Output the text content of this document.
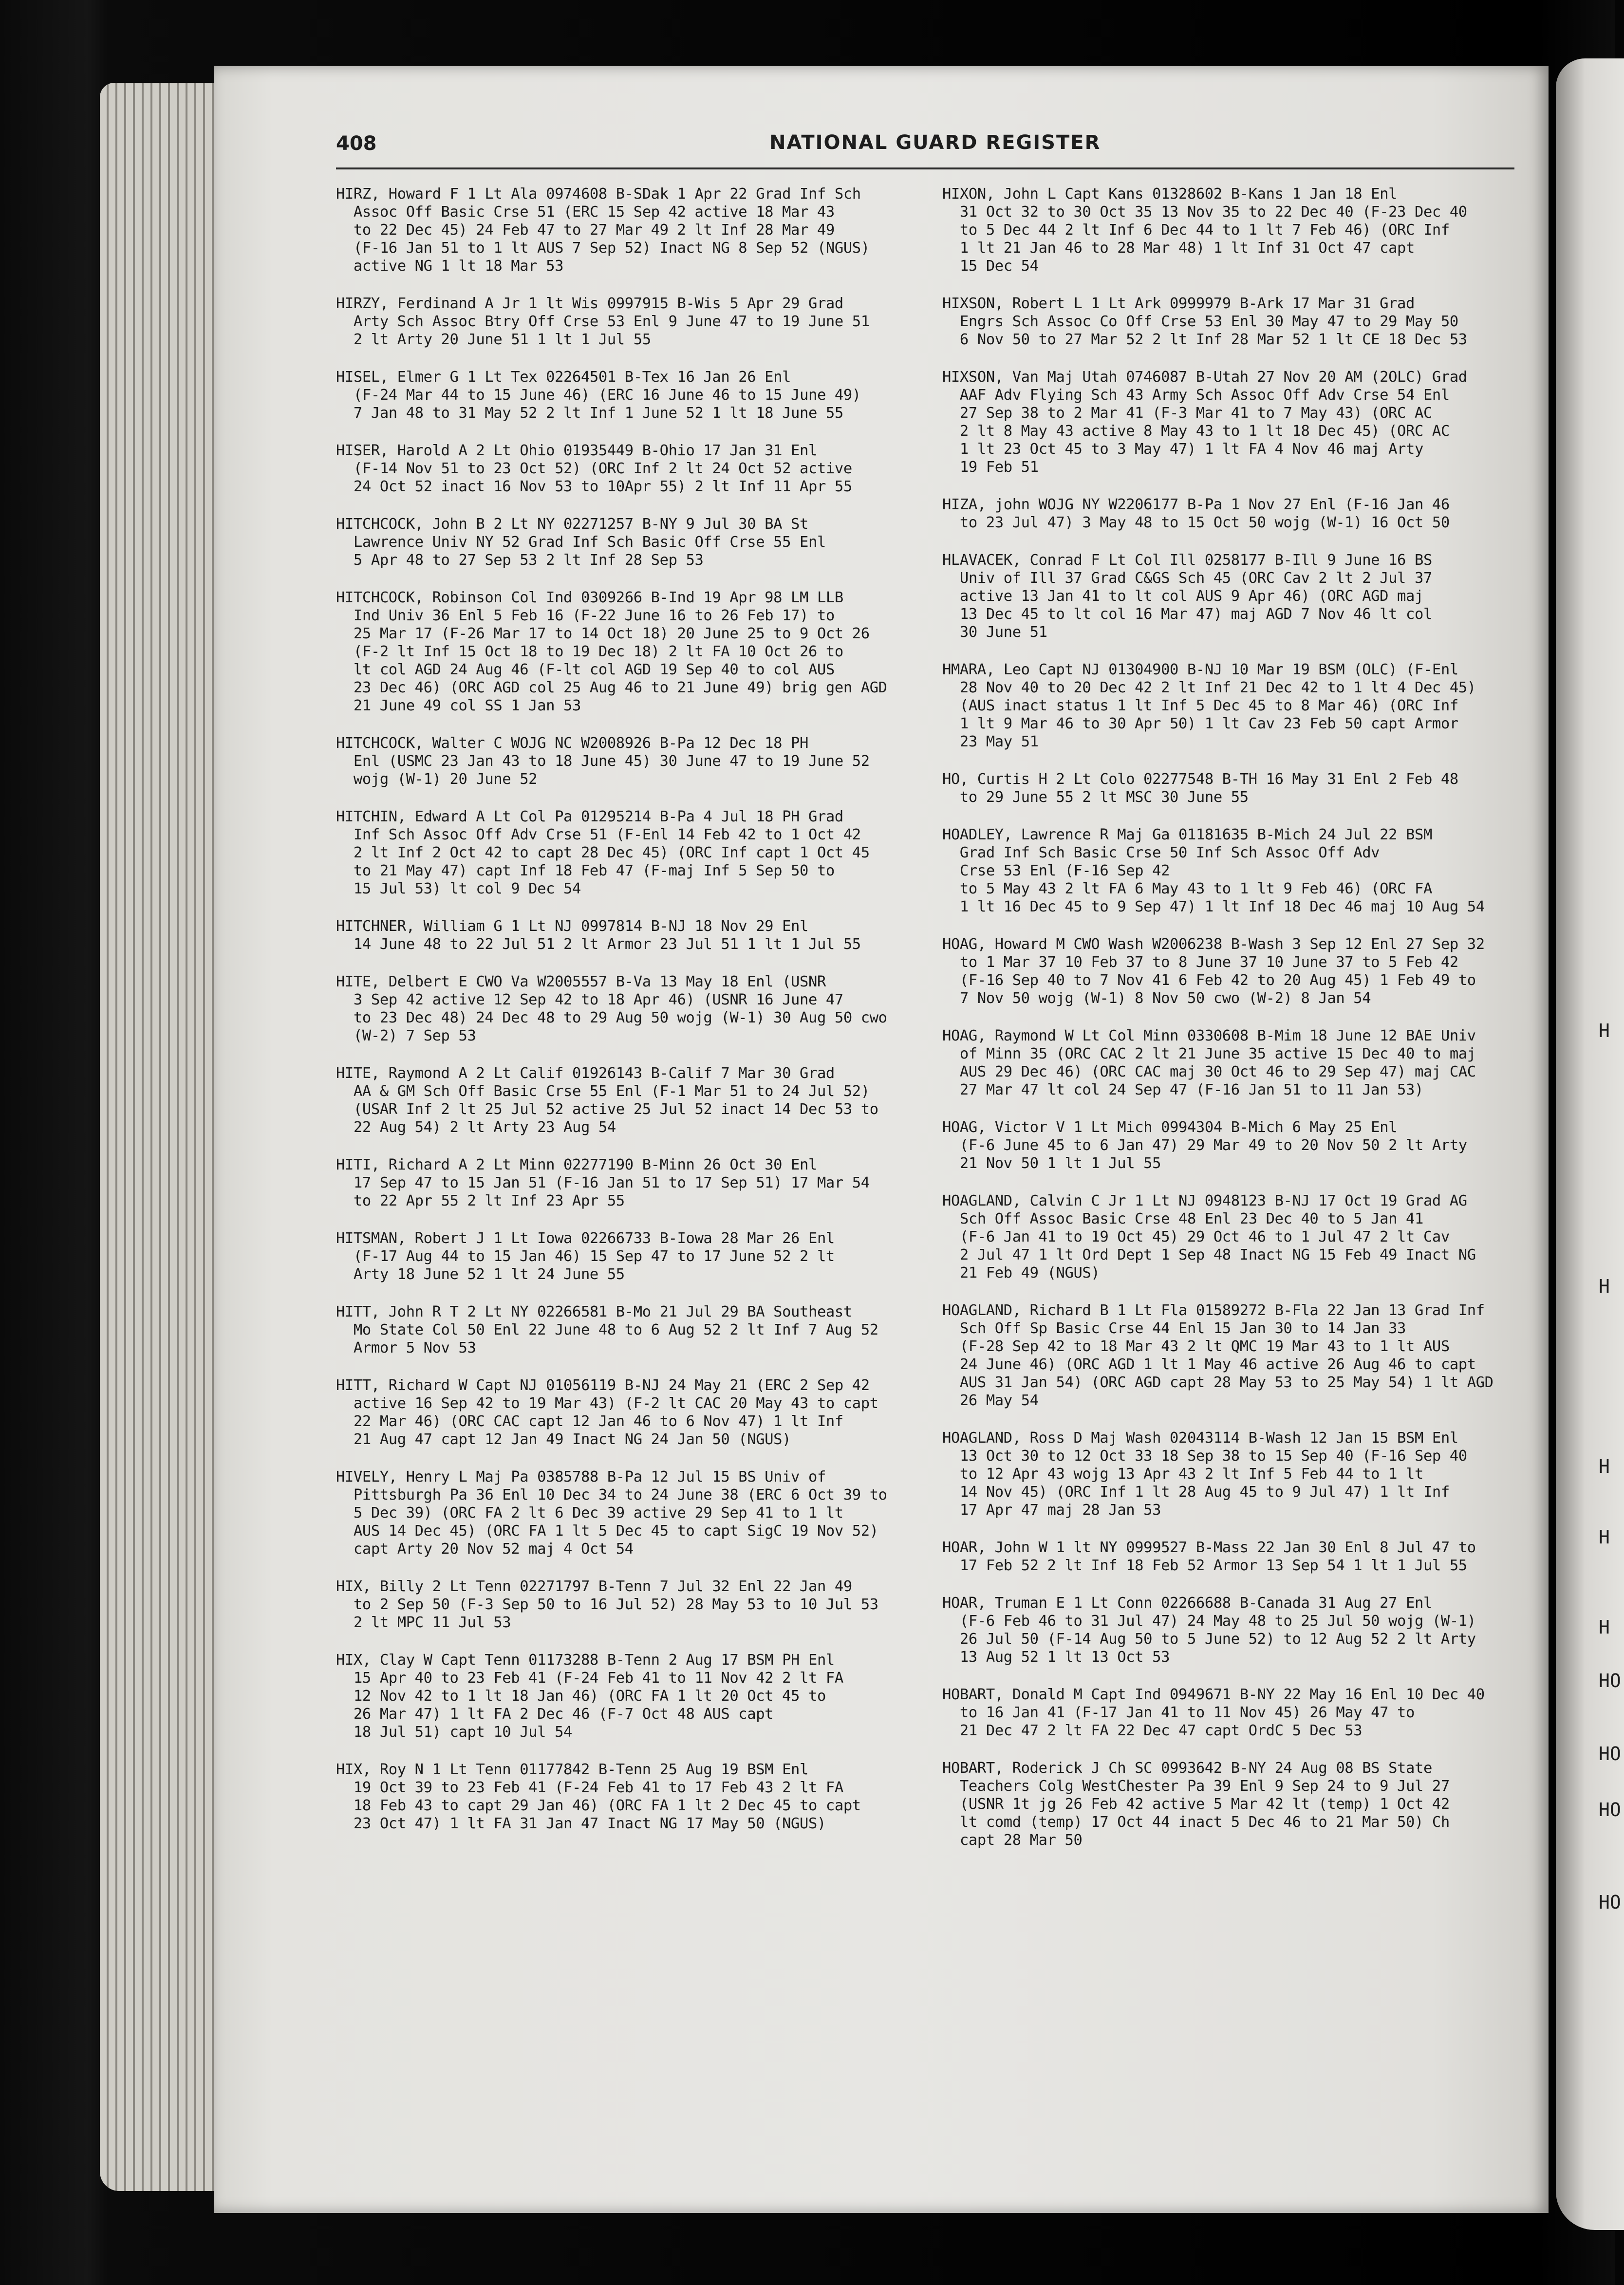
H
H
H
H
H
HO
HO
HO
HO
408	NATIONAL GUARD REGISTER

HIRZ, Howard F 1 Lt Ala 0974608 B-SDak 1 Apr 22 Grad Inf Sch
Assoc Off Basic Crse 51 (ERC 15 Sep 42 active 18 Mar 43
to 22 Dec 45) 24 Feb 47 to 27 Mar 49 2 lt Inf 28 Mar 49
(F-16 Jan 51 to 1 lt AUS 7 Sep 52) Inact NG 8 Sep 52 (NGUS)
active NG 1 lt 18 Mar 53

HIRZY, Ferdinand A Jr 1 lt Wis 0997915 B-Wis 5 Apr 29 Grad
Arty Sch Assoc Btry Off Crse 53 Enl 9 June 47 to 19 June 51
2 lt Arty 20 June 51 1 lt 1 Jul 55

HISEL, Elmer G 1 Lt Tex 02264501 B-Tex 16 Jan 26 Enl
(F-24 Mar 44 to 15 June 46) (ERC 16 June 46 to 15 June 49)
7 Jan 48 to 31 May 52 2 lt Inf 1 June 52 1 lt 18 June 55

HISER, Harold A 2 Lt Ohio 01935449 B-Ohio 17 Jan 31 Enl
(F-14 Nov 51 to 23 Oct 52) (ORC Inf 2 lt 24 Oct 52 active
24 Oct 52 inact 16 Nov 53 to 10Apr 55) 2 lt Inf 11 Apr 55

HITCHCOCK, John B 2 Lt NY 02271257 B-NY 9 Jul 30 BA St
Lawrence Univ NY 52 Grad Inf Sch Basic Off Crse 55 Enl
5 Apr 48 to 27 Sep 53 2 lt Inf 28 Sep 53

HITCHCOCK, Robinson Col Ind 0309266 B-Ind 19 Apr 98 LM LLB
Ind Univ 36 Enl 5 Feb 16 (F-22 June 16 to 26 Feb 17) to
25 Mar 17 (F-26 Mar 17 to 14 Oct 18) 20 June 25 to 9 Oct 26
(F-2 lt Inf 15 Oct 18 to 19 Dec 18) 2 lt FA 10 Oct 26 to
lt col AGD 24 Aug 46 (F-lt col AGD 19 Sep 40 to col AUS
23 Dec 46) (ORC AGD col 25 Aug 46 to 21 June 49) brig gen AGD
21 June 49 col SS 1 Jan 53

HITCHCOCK, Walter C WOJG NC W2008926 B-Pa 12 Dec 18 PH
Enl (USMC 23 Jan 43 to 18 June 45) 30 June 47 to 19 June 52
wojg (W-1) 20 June 52

HITCHIN, Edward A Lt Col Pa 01295214 B-Pa 4 Jul 18 PH Grad
Inf Sch Assoc Off Adv Crse 51 (F-Enl 14 Feb 42 to 1 Oct 42
2 lt Inf 2 Oct 42 to capt 28 Dec 45) (ORC Inf capt 1 Oct 45
to 21 May 47) capt Inf 18 Feb 47 (F-maj Inf 5 Sep 50 to
15 Jul 53) lt col 9 Dec 54

HITCHNER, William G 1 Lt NJ 0997814 B-NJ 18 Nov 29 Enl
14 June 48 to 22 Jul 51 2 lt Armor 23 Jul 51 1 lt 1 Jul 55

HITE, Delbert E CWO Va W2005557 B-Va 13 May 18 Enl (USNR
3 Sep 42 active 12 Sep 42 to 18 Apr 46) (USNR 16 June 47
to 23 Dec 48) 24 Dec 48 to 29 Aug 50 wojg (W-1) 30 Aug 50 cwo
(W-2) 7 Sep 53

HITE, Raymond A 2 Lt Calif 01926143 B-Calif 7 Mar 30 Grad
AA & GM Sch Off Basic Crse 55 Enl (F-1 Mar 51 to 24 Jul 52)
(USAR Inf 2 lt 25 Jul 52 active 25 Jul 52 inact 14 Dec 53 to
22 Aug 54) 2 lt Arty 23 Aug 54

HITI, Richard A 2 Lt Minn 02277190 B-Minn 26 Oct 30 Enl
17 Sep 47 to 15 Jan 51 (F-16 Jan 51 to 17 Sep 51) 17 Mar 54
to 22 Apr 55 2 lt Inf 23 Apr 55

HITSMAN, Robert J 1 Lt Iowa 02266733 B-Iowa 28 Mar 26 Enl
(F-17 Aug 44 to 15 Jan 46) 15 Sep 47 to 17 June 52 2 lt
Arty 18 June 52 1 lt 24 June 55

HITT, John R T 2 Lt NY 02266581 B-Mo 21 Jul 29 BA Southeast
Mo State Col 50 Enl 22 June 48 to 6 Aug 52 2 lt Inf 7 Aug 52
Armor 5 Nov 53

HITT, Richard W Capt NJ 01056119 B-NJ 24 May 21 (ERC 2 Sep 42
active 16 Sep 42 to 19 Mar 43) (F-2 lt CAC 20 May 43 to capt
22 Mar 46) (ORC CAC capt 12 Jan 46 to 6 Nov 47) 1 lt Inf
21 Aug 47 capt 12 Jan 49 Inact NG 24 Jan 50 (NGUS)

HIVELY, Henry L Maj Pa 0385788 B-Pa 12 Jul 15 BS Univ of
Pittsburgh Pa 36 Enl 10 Dec 34 to 24 June 38 (ERC 6 Oct 39 to
5 Dec 39) (ORC FA 2 lt 6 Dec 39 active 29 Sep 41 to 1 lt
AUS 14 Dec 45) (ORC FA 1 lt 5 Dec 45 to capt SigC 19 Nov 52)
capt Arty 20 Nov 52 maj 4 Oct 54

HIX, Billy 2 Lt Tenn 02271797 B-Tenn 7 Jul 32 Enl 22 Jan 49
to 2 Sep 50 (F-3 Sep 50 to 16 Jul 52) 28 May 53 to 10 Jul 53
2 lt MPC 11 Jul 53

HIX, Clay W Capt Tenn 01173288 B-Tenn 2 Aug 17 BSM PH Enl
15 Apr 40 to 23 Feb 41 (F-24 Feb 41 to 11 Nov 42 2 lt FA
12 Nov 42 to 1 lt 18 Jan 46) (ORC FA 1 lt 20 Oct 45 to
26 Mar 47) 1 lt FA 2 Dec 46 (F-7 Oct 48 AUS capt
18 Jul 51) capt 10 Jul 54

HIX, Roy N 1 Lt Tenn 01177842 B-Tenn 25 Aug 19 BSM Enl
19 Oct 39 to 23 Feb 41 (F-24 Feb 41 to 17 Feb 43 2 lt FA
18 Feb 43 to capt 29 Jan 46) (ORC FA 1 lt 2 Dec 45 to capt
23 Oct 47) 1 lt FA 31 Jan 47 Inact NG 17 May 50 (NGUS)

HIXON, John L Capt Kans 01328602 B-Kans 1 Jan 18 Enl
31 Oct 32 to 30 Oct 35 13 Nov 35 to 22 Dec 40 (F-23 Dec 40
to 5 Dec 44 2 lt Inf 6 Dec 44 to 1 lt 7 Feb 46) (ORC Inf
1 lt 21 Jan 46 to 28 Mar 48) 1 lt Inf 31 Oct 47 capt
15 Dec 54

HIXSON, Robert L 1 Lt Ark 0999979 B-Ark 17 Mar 31 Grad
Engrs Sch Assoc Co Off Crse 53 Enl 30 May 47 to 29 May 50
6 Nov 50 to 27 Mar 52 2 lt Inf 28 Mar 52 1 lt CE 18 Dec 53

HIXSON, Van Maj Utah 0746087 B-Utah 27 Nov 20 AM (2OLC) Grad
AAF Adv Flying Sch 43 Army Sch Assoc Off Adv Crse 54 Enl
27 Sep 38 to 2 Mar 41 (F-3 Mar 41 to 7 May 43) (ORC AC
2 lt 8 May 43 active 8 May 43 to 1 lt 18 Dec 45) (ORC AC
1 lt 23 Oct 45 to 3 May 47) 1 lt FA 4 Nov 46 maj Arty
19 Feb 51

HIZA, john WOJG NY W2206177 B-Pa 1 Nov 27 Enl (F-16 Jan 46
to 23 Jul 47) 3 May 48 to 15 Oct 50 wojg (W-1) 16 Oct 50

HLAVACEK, Conrad F Lt Col Ill 0258177 B-Ill 9 June 16 BS
Univ of Ill 37 Grad C&GS Sch 45 (ORC Cav 2 lt 2 Jul 37
active 13 Jan 41 to lt col AUS 9 Apr 46) (ORC AGD maj
13 Dec 45 to lt col 16 Mar 47) maj AGD 7 Nov 46 lt col
30 June 51

HMARA, Leo Capt NJ 01304900 B-NJ 10 Mar 19 BSM (OLC) (F-Enl
28 Nov 40 to 20 Dec 42 2 lt Inf 21 Dec 42 to 1 lt 4 Dec 45)
(AUS inact status 1 lt Inf 5 Dec 45 to 8 Mar 46) (ORC Inf
1 lt 9 Mar 46 to 30 Apr 50) 1 lt Cav 23 Feb 50 capt Armor
23 May 51

HO, Curtis H 2 Lt Colo 02277548 B-TH 16 May 31 Enl 2 Feb 48
to 29 June 55 2 lt MSC 30 June 55

HOADLEY, Lawrence R Maj Ga 01181635 B-Mich 24 Jul 22 BSM
Grad Inf Sch Basic Crse 50 Inf Sch Assoc Off Adv
Crse 53 Enl (F-16 Sep 42
to 5 May 43 2 lt FA 6 May 43 to 1 lt 9 Feb 46) (ORC FA
1 lt 16 Dec 45 to 9 Sep 47) 1 lt Inf 18 Dec 46 maj 10 Aug 54

HOAG, Howard M CWO Wash W2006238 B-Wash 3 Sep 12 Enl 27 Sep 32
to 1 Mar 37 10 Feb 37 to 8 June 37 10 June 37 to 5 Feb 42
(F-16 Sep 40 to 7 Nov 41 6 Feb 42 to 20 Aug 45) 1 Feb 49 to
7 Nov 50 wojg (W-1) 8 Nov 50 cwo (W-2) 8 Jan 54

HOAG, Raymond W Lt Col Minn 0330608 B-Mim 18 June 12 BAE Univ
of Minn 35 (ORC CAC 2 lt 21 June 35 active 15 Dec 40 to maj
AUS 29 Dec 46) (ORC CAC maj 30 Oct 46 to 29 Sep 47) maj CAC
27 Mar 47 lt col 24 Sep 47 (F-16 Jan 51 to 11 Jan 53)

HOAG, Victor V 1 Lt Mich 0994304 B-Mich 6 May 25 Enl
(F-6 June 45 to 6 Jan 47) 29 Mar 49 to 20 Nov 50 2 lt Arty
21 Nov 50 1 lt 1 Jul 55

HOAGLAND, Calvin C Jr 1 Lt NJ 0948123 B-NJ 17 Oct 19 Grad AG
Sch Off Assoc Basic Crse 48 Enl 23 Dec 40 to 5 Jan 41
(F-6 Jan 41 to 19 Oct 45) 29 Oct 46 to 1 Jul 47 2 lt Cav
2 Jul 47 1 lt Ord Dept 1 Sep 48 Inact NG 15 Feb 49 Inact NG
21 Feb 49 (NGUS)

HOAGLAND, Richard B 1 Lt Fla 01589272 B-Fla 22 Jan 13 Grad Inf
Sch Off Sp Basic Crse 44 Enl 15 Jan 30 to 14 Jan 33
(F-28 Sep 42 to 18 Mar 43 2 lt QMC 19 Mar 43 to 1 lt AUS
24 June 46) (ORC AGD 1 lt 1 May 46 active 26 Aug 46 to capt
AUS 31 Jan 54) (ORC AGD capt 28 May 53 to 25 May 54) 1 lt AGD
26 May 54

HOAGLAND, Ross D Maj Wash 02043114 B-Wash 12 Jan 15 BSM Enl
13 Oct 30 to 12 Oct 33 18 Sep 38 to 15 Sep 40 (F-16 Sep 40
to 12 Apr 43 wojg 13 Apr 43 2 lt Inf 5 Feb 44 to 1 lt
14 Nov 45) (ORC Inf 1 lt 28 Aug 45 to 9 Jul 47) 1 lt Inf
17 Apr 47 maj 28 Jan 53

HOAR, John W 1 lt NY 0999527 B-Mass 22 Jan 30 Enl 8 Jul 47 to
17 Feb 52 2 lt Inf 18 Feb 52 Armor 13 Sep 54 1 lt 1 Jul 55

HOAR, Truman E 1 Lt Conn 02266688 B-Canada 31 Aug 27 Enl
(F-6 Feb 46 to 31 Jul 47) 24 May 48 to 25 Jul 50 wojg (W-1)
26 Jul 50 (F-14 Aug 50 to 5 June 52) to 12 Aug 52 2 lt Arty
13 Aug 52 1 lt 13 Oct 53

HOBART, Donald M Capt Ind 0949671 B-NY 22 May 16 Enl 10 Dec 40
to 16 Jan 41 (F-17 Jan 41 to 11 Nov 45) 26 May 47 to
21 Dec 47 2 lt FA 22 Dec 47 capt OrdC 5 Dec 53

HOBART, Roderick J Ch SC 0993642 B-NY 24 Aug 08 BS State
Teachers Colg WestChester Pa 39 Enl 9 Sep 24 to 9 Jul 27
(USNR 1t jg 26 Feb 42 active 5 Mar 42 lt (temp) 1 Oct 42
lt comd (temp) 17 Oct 44 inact 5 Dec 46 to 21 Mar 50) Ch
capt 28 Mar 50
